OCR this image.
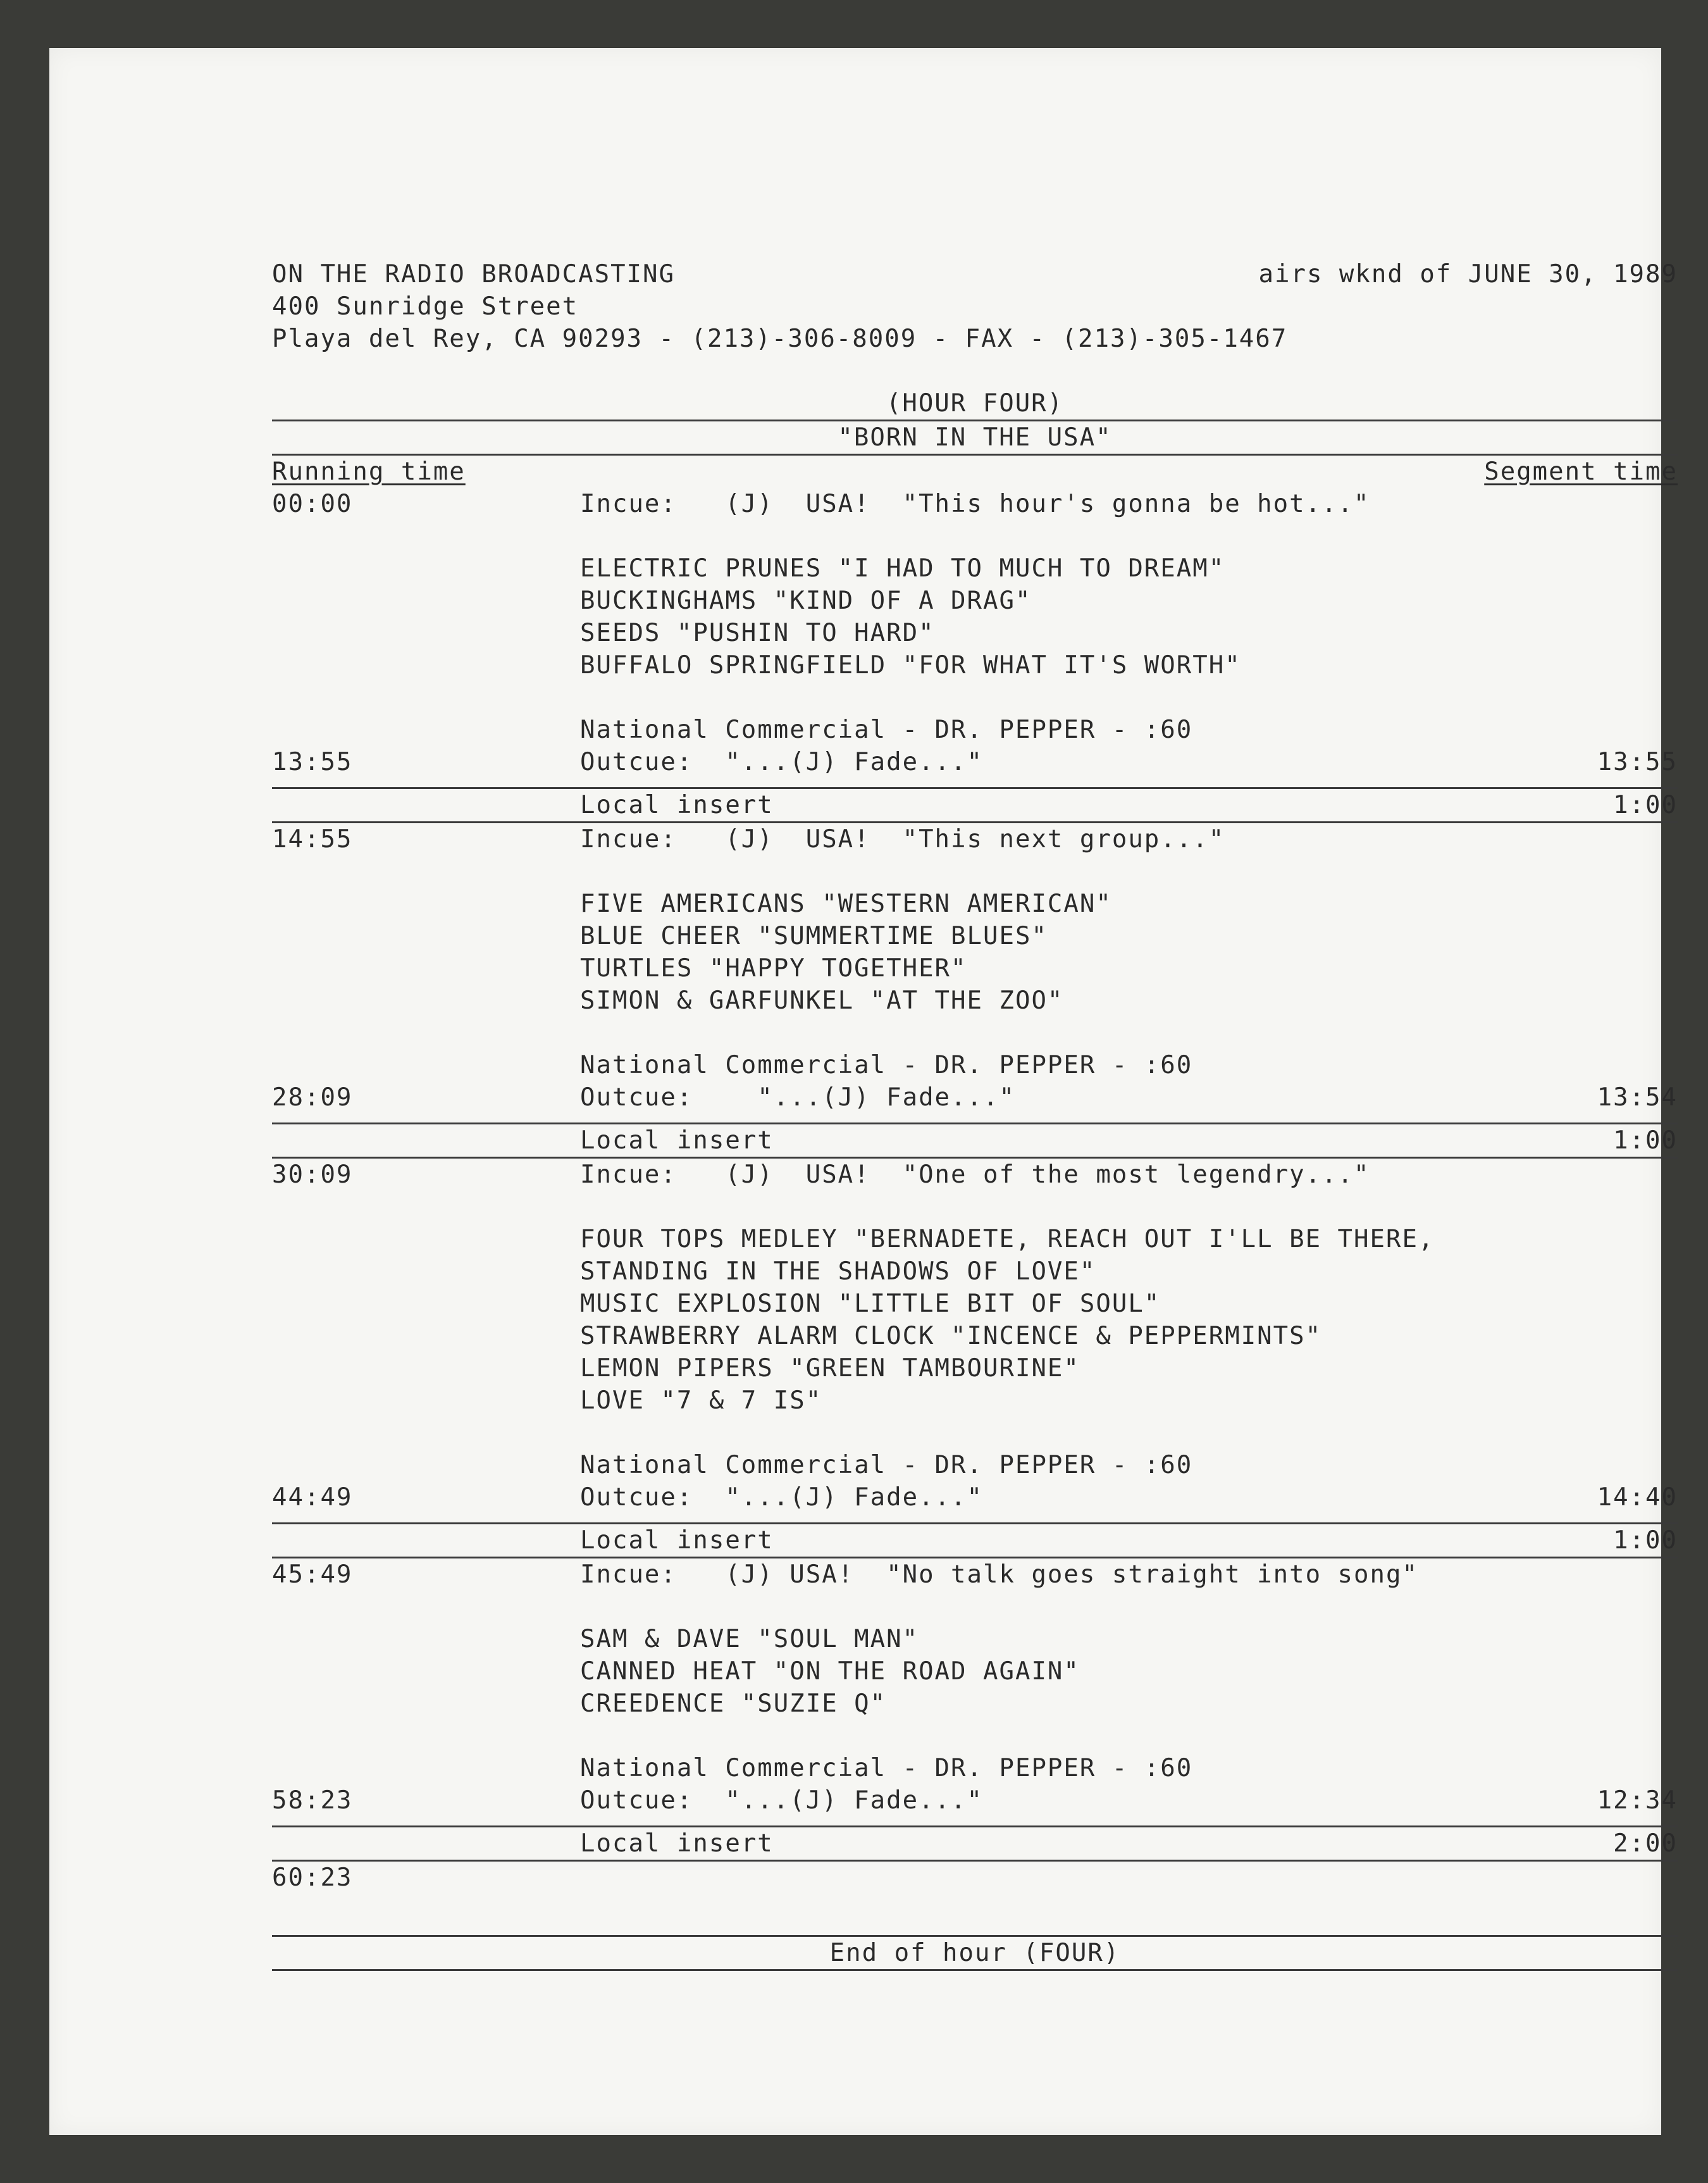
ON THE RADIO BROADCASTING

	airs wknd of JUNE 30, 1989

400 Sunridge Street
Playa del Rey, CA 90293 - (213)-306-8009 - FAX - (213)-305-1467
(HOUR FOUR)
"BORN IN THE USA"

Running time

	Segment time

00:00	Incue:   (J)  USA!  "This hour's gonna be hot..."
ELECTRIC PRUNES "I HAD TO MUCH TO DREAM"
BUCKINGHAMS "KIND OF A DRAG"
SEEDS "PUSHIN TO HARD"
BUFFALO SPRINGFIELD "FOR WHAT IT'S WORTH"
National Commercial - DR. PEPPER - :60
13:55	Outcue:  "...(J) Fade..."	13:55
Local insert	1:00
14:55	Incue:   (J)  USA!  "This next group..."
FIVE AMERICANS "WESTERN AMERICAN"
BLUE CHEER "SUMMERTIME BLUES"
TURTLES "HAPPY TOGETHER"
SIMON & GARFUNKEL "AT THE ZOO"
National Commercial - DR. PEPPER - :60
28:09	Outcue:    "...(J) Fade..."	13:54
Local insert	1:00
30:09	Incue:   (J)  USA!  "One of the most legendry..."
FOUR TOPS MEDLEY "BERNADETE, REACH OUT I'LL BE THERE,
STANDING IN THE SHADOWS OF LOVE"
MUSIC EXPLOSION "LITTLE BIT OF SOUL"
STRAWBERRY ALARM CLOCK "INCENCE & PEPPERMINTS"
LEMON PIPERS "GREEN TAMBOURINE"
LOVE "7 & 7 IS"
National Commercial - DR. PEPPER - :60
44:49	Outcue:  "...(J) Fade..."	14:40
Local insert	1:00
45:49	Incue:   (J) USA!  "No talk goes straight into song"
SAM & DAVE "SOUL MAN"
CANNED HEAT "ON THE ROAD AGAIN"
CREEDENCE "SUZIE Q"
National Commercial - DR. PEPPER - :60
58:23	Outcue:  "...(J) Fade..."	12:34
Local insert	2:00

60:23

End of hour (FOUR)
